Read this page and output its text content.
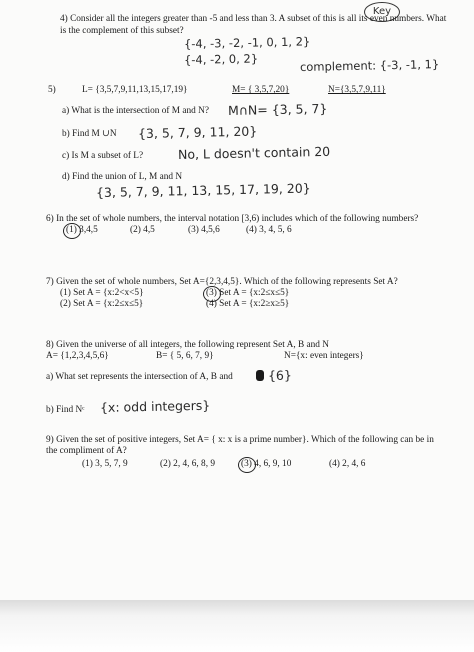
Key
4) Consider all the integers greater than -5 and less than 3. A subset of this is all its even numbers. What
is the complement of this subset?
{-4, -3, -2, -1, 0, 1, 2}
{-4, -2, 0, 2}	complement: {-3, -1, 1}
5)	L= {3,5,7,9,11,13,15,17,19}	M= { 3,5,7,20}	N={3,5,7,9,11}
a) What is the intersection of M and N? M∩N= {3, 5, 7}
b) Find M ∪N {3, 5, 7, 9, 11, 20}
c) Is M a subset of L?	No, L doesn't contain 20
d) Find the union of L, M and N
{3, 5, 7, 9, 11, 13, 15, 17, 19, 20}
6) In the set of whole numbers, the interval notation [3,6) includes which of the following numbers?
(1) 3,4,5	(2) 4,5	(3) 4,5,6	(4) 3, 4, 5, 6
7) Given the set of whole numbers, Set A={2,3,4,5}. Which of the following represents Set A?
(1) Set A = {x:2<x<5}	(3) Set A = {x:2≤x≤5}
(2) Set A = {x:2≤x≤5}	(4) Set A = {x:2≥x≥5}
8) Given the universe of all integers, the following represent Set A, B and N
A= {1,2,3,4,5,6}	B= { 5, 6, 7, 9}	N={x: even integers}
a) What set represents the intersection of A, B and	{6}
b) Find Nᶜ {x: odd integers}
9) Given the set of positive integers, Set A= { x: x is a prime number}. Which of the following can be in
the compliment of A?
(1) 3, 5, 7, 9	(2) 2, 4, 6, 8, 9	(3) 4, 6, 9, 10	(4) 2, 4, 6
